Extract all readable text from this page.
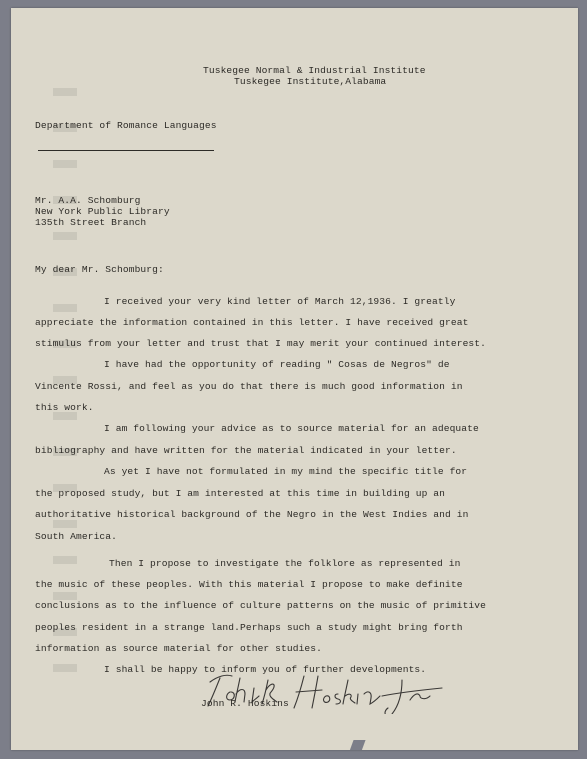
Tuskegee Normal & Industrial Institute
Tuskegee Institute,Alabama
Department of Romance Languages
Mr. A.A. Schomburg
New York Public Library
135th Street Branch
My dear Mr. Schomburg:
I received your very kind letter of March 12,1936. I greatly
appreciate the information contained in this letter. I have received great
stimulus from your letter and trust that I may merit your continued interest.
I have had the opportunity of reading " Cosas de Negros" de
Vincente Rossi, and feel as you do that there is much good information in
this work.
I am following your advice as to source material for an adequate
bibliography and have written for the material indicated in your letter.
As yet I have not formulated in my mind the specific title for
the proposed study, but I am interested at this time in building up an
authoritative historical background of the Negro in the West Indies and in
South America.
Then I propose to investigate the folklore as represented in
the music of these peoples. With this material I propose to make definite
conclusions as to the influence of culture patterns on the music of primitive
peoples resident in a strange land.Perhaps such a study might bring forth
information as source material for other studies.
I shall be happy to inform you of further developments.
John R. Hoskins
